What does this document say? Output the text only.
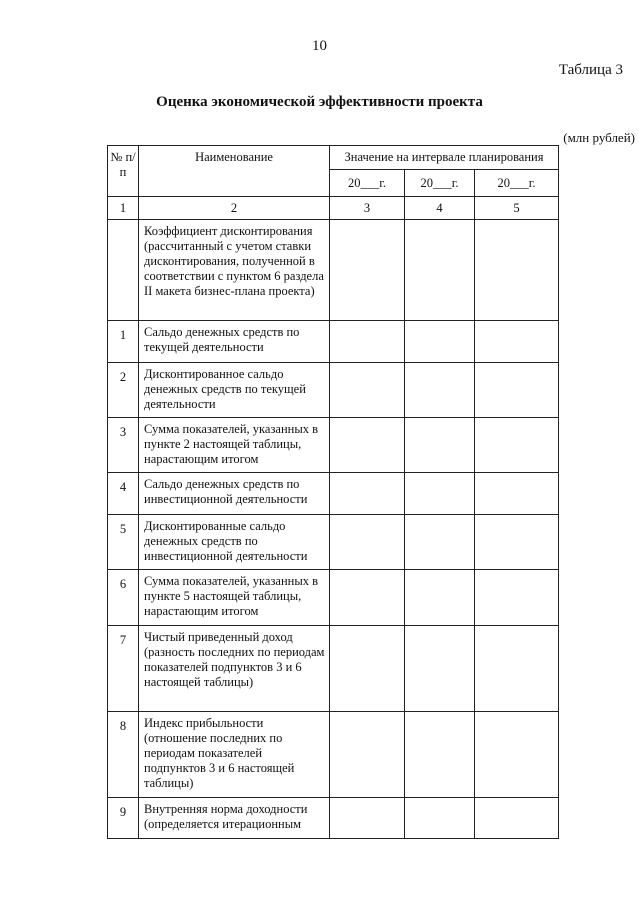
10
Таблица 3
Оценка экономической эффективности проекта
(млн рублей)
№ п/п	Наименование	Значение на интервале планирования		
		20___г.	20___г.	20___г.
1	2	3	4	5
	Коэффициент дисконтирования (рассчитанный с учетом ставки дисконтирования, полученной в соответствии с пунктом 6 раздела II макета бизнес-плана проекта)			
1	Сальдо денежных средств по текущей деятельности			
2	Дисконтированное сальдо денежных средств по текущей деятельности			
3	Сумма показателей, указанных в пункте 2 настоящей таблицы, нарастающим итогом			
4	Сальдо денежных средств по инвестиционной деятельности			
5	Дисконтированные сальдо денежных средств по инвестиционной деятельности			
6	Сумма показателей, указанных в пункте 5 настоящей таблицы, нарастающим итогом			
7	Чистый приведенный доход (разность последних по периодам показателей подпунктов 3 и 6 настоящей таблицы)			
8	Индекс прибыльности (отношение последних по периодам показателей подпунктов 3 и 6 настоящей таблицы)			
9	Внутренняя норма доходности (определяется итерационным			
